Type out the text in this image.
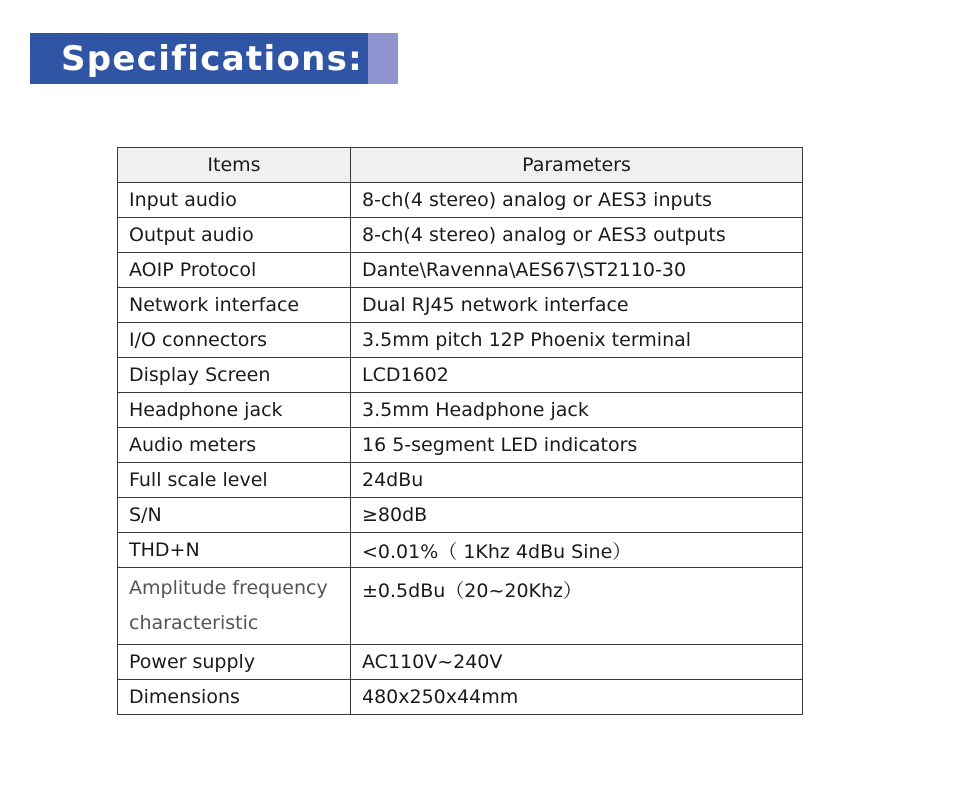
Specifications:
Items	Parameters
Input audio	8-ch(4 stereo) analog or AES3 inputs
Output audio	8-ch(4 stereo) analog or AES3 outputs
AOIP Protocol	Dante\Ravenna\AES67\ST2110-30
Network interface	Dual RJ45 network interface
I/O connectors	3.5mm pitch 12P Phoenix terminal
Display Screen	LCD1602
Headphone jack	3.5mm Headphone jack
Audio meters	16 5-segment LED indicators
Full scale level	24dBu
S/N	≥80dB
THD+N	<0.01%（ 1Khz 4dBu Sine）
Amplitude frequency characteristic	±0.5dBu（20~20Khz）
Power supply	AC110V~240V
Dimensions	480x250x44mm
